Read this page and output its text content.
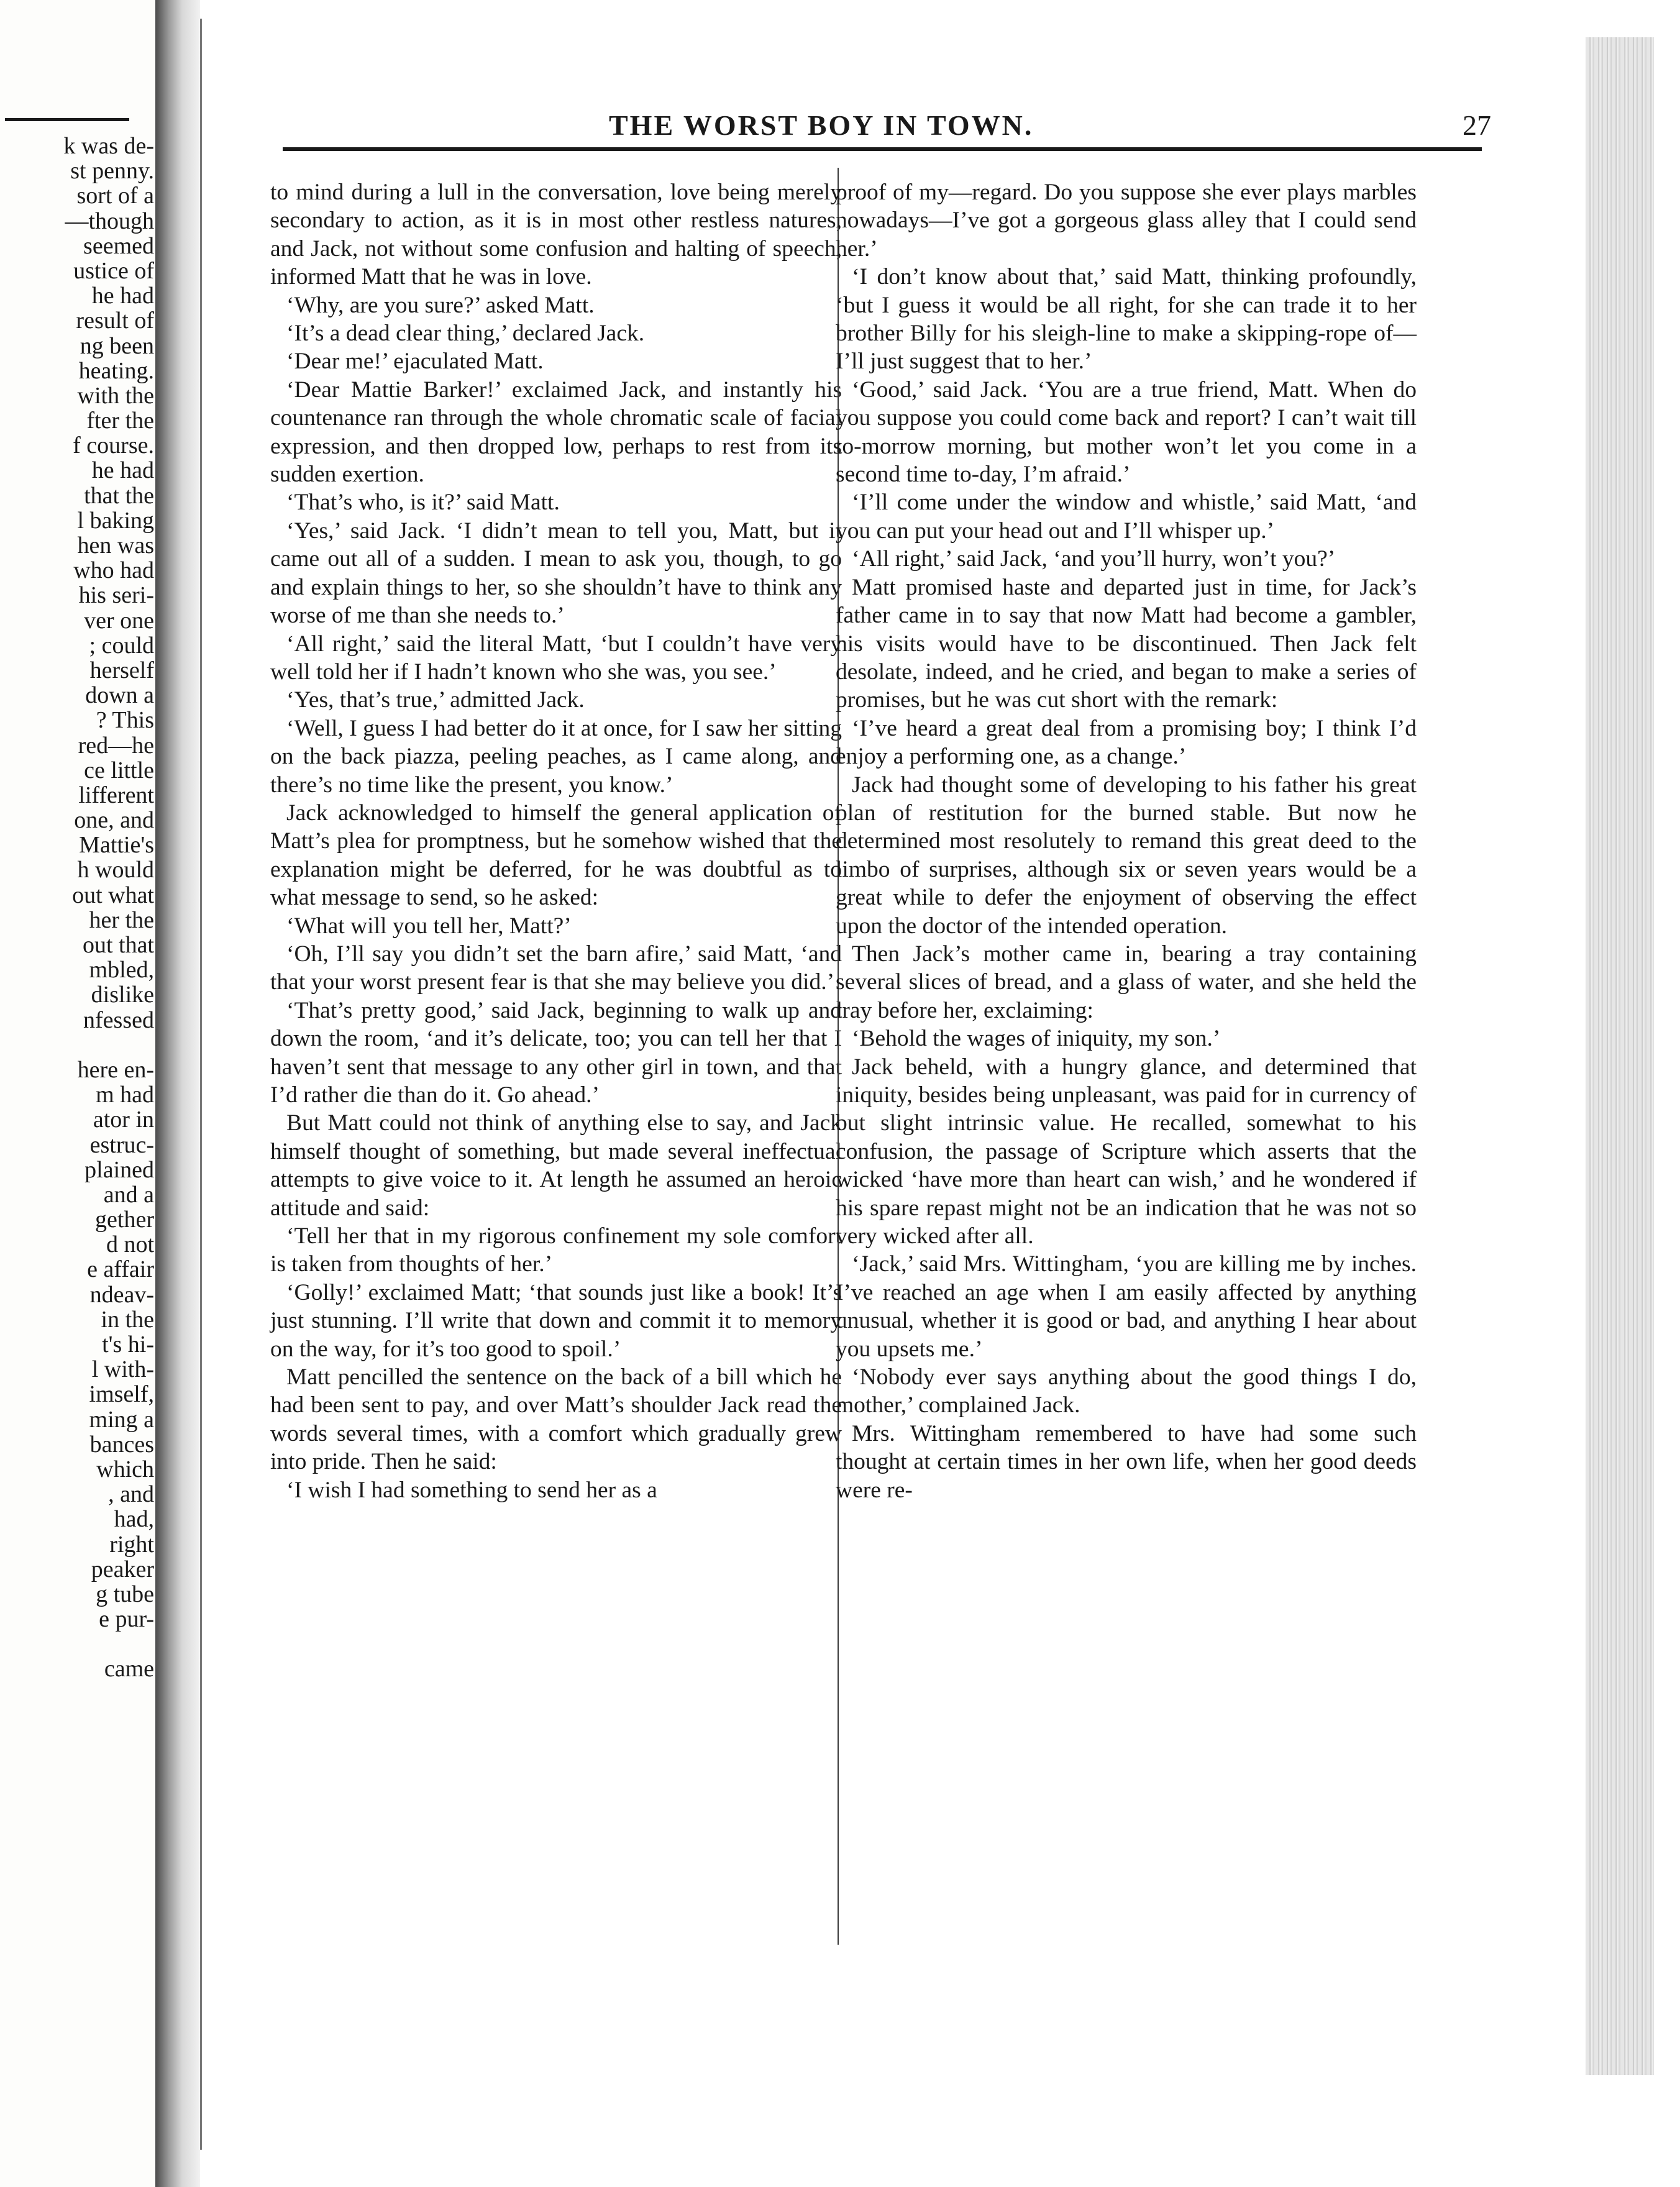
k was de-
st penny.
sort of a
—though
seemed
ustice of
he had
result of
ng been
heating.
with the
fter the
f course.
he had
that the
l baking
hen was
who had
his seri-
ver one
; could
herself
down a
? This
red—he
ce little
lifferent
one, and
Mattie's
h would
out what
her the
out that
mbled,
dislike
nfessed
here en-
m had
ator in
estruc-
plained
and a
gether
d not
e affair
ndeav-
in the
t's hi-
l with-
imself,
ming a
bances
which
, and
had,
right
peaker
g tube
e pur-
came
THE WORST BOY IN TOWN.	27

to mind during a lull in the conversation, love being merely secondary to action, as it is in most other restless natures, and Jack, not without some confusion and halting of speech, informed Matt that he was in love.

‘Why, are you sure?’ asked Matt.

‘It’s a dead clear thing,’ declared Jack.

‘Dear me!’ ejaculated Matt.

‘Dear Mattie Barker!’ exclaimed Jack, and instantly his countenance ran through the whole chromatic scale of facial expression, and then dropped low, perhaps to rest from its sudden exertion.

‘That’s who, is it?’ said Matt.

‘Yes,’ said Jack. ‘I didn’t mean to tell you, Matt, but it came out all of a sudden. I mean to ask you, though, to go and explain things to her, so she shouldn’t have to think any worse of me than she needs to.’

‘All right,’ said the literal Matt, ‘but I couldn’t have very well told her if I hadn’t known who she was, you see.’

‘Yes, that’s true,’ admitted Jack.

‘Well, I guess I had better do it at once, for I saw her sitting on the back piazza, peeling peaches, as I came along, and there’s no time like the present, you know.’

Jack acknowledged to himself the general application of Matt’s plea for promptness, but he somehow wished that the explanation might be deferred, for he was doubtful as to what message to send, so he asked:

‘What will you tell her, Matt?’

‘Oh, I’ll say you didn’t set the barn afire,’ said Matt, ‘and that your worst present fear is that she may believe you did.’

‘That’s pretty good,’ said Jack, beginning to walk up and down the room, ‘and it’s delicate, too; you can tell her that I haven’t sent that message to any other girl in town, and that I’d rather die than do it. Go ahead.’

But Matt could not think of anything else to say, and Jack himself thought of something, but made several ineffectual attempts to give voice to it. At length he assumed an heroic attitude and said:

‘Tell her that in my rigorous confinement my sole comfort is taken from thoughts of her.’

‘Golly!’ exclaimed Matt; ‘that sounds just like a book! It’s just stunning. I’ll write that down and commit it to memory on the way, for it’s too good to spoil.’

Matt pencilled the sentence on the back of a bill which he had been sent to pay, and over Matt’s shoulder Jack read the words several times, with a comfort which gradually grew into pride. Then he said:

‘I wish I had something to send her as a

proof of my—regard. Do you suppose she ever plays marbles nowadays—I’ve got a gorgeous glass alley that I could send her.’

‘I don’t know about that,’ said Matt, thinking profoundly, ‘but I guess it would be all right, for she can trade it to her brother Billy for his sleigh-line to make a skipping-rope of—I’ll just suggest that to her.’

‘Good,’ said Jack. ‘You are a true friend, Matt. When do you suppose you could come back and report? I can’t wait till to-morrow morning, but mother won’t let you come in a second time to-day, I’m afraid.’

‘I’ll come under the window and whistle,’ said Matt, ‘and you can put your head out and I’ll whisper up.’

‘All right,’ said Jack, ‘and you’ll hurry, won’t you?’

Matt promised haste and departed just in time, for Jack’s father came in to say that now Matt had become a gambler, his visits would have to be discontinued. Then Jack felt desolate, indeed, and he cried, and began to make a series of promises, but he was cut short with the remark:

‘I’ve heard a great deal from a promising boy; I think I’d enjoy a performing one, as a change.’

Jack had thought some of developing to his father his great plan of restitution for the burned stable. But now he determined most resolutely to remand this great deed to the limbo of surprises, although six or seven years would be a great while to defer the enjoyment of observing the effect upon the doctor of the intended operation.

Then Jack’s mother came in, bearing a tray containing several slices of bread, and a glass of water, and she held the tray before her, exclaiming:

‘Behold the wages of iniquity, my son.’

Jack beheld, with a hungry glance, and determined that iniquity, besides being unpleasant, was paid for in currency of but slight intrinsic value. He recalled, somewhat to his confusion, the passage of Scripture which asserts that the wicked ‘have more than heart can wish,’ and he wondered if his spare repast might not be an indication that he was not so very wicked after all.

‘Jack,’ said Mrs. Wittingham, ‘you are killing me by inches. I’ve reached an age when I am easily affected by anything unusual, whether it is good or bad, and anything I hear about you upsets me.’

‘Nobody ever says anything about the good things I do, mother,’ complained Jack.

Mrs. Wittingham remembered to have had some such thought at certain times in her own life, when her good deeds were re-
